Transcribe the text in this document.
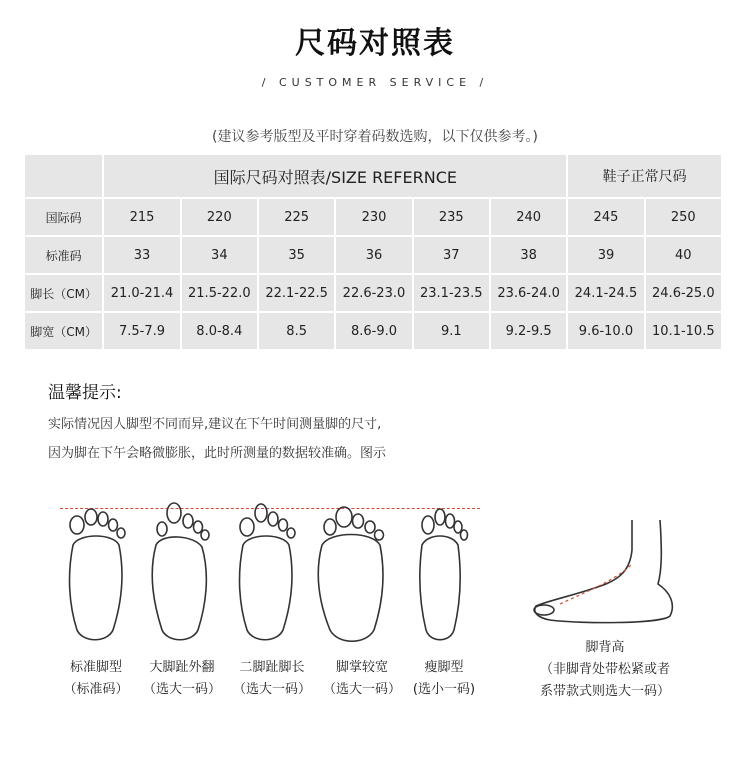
尺码对照表
/ CUSTOMER SERVICE /
(建议参考版型及平时穿着码数选购，以下仅供参考。)
	国际尺码对照表/SIZE REFERNCE						鞋子正常尺码	
国际码	215	220	225	230	235	240	245	250
标准码	33	34	35	36	37	38	39	40
脚长（CM）	21.0-21.4	21.5-22.0	22.1-22.5	22.6-23.0	23.1-23.5	23.6-24.0	24.1-24.5	24.6-25.0
脚宽（CM）	7.5-7.9	8.0-8.4	8.5	8.6-9.0	9.1	9.2-9.5	9.6-10.0	10.1-10.5
温馨提示:
实际情况因人脚型不同而异,建议在下午时间测量脚的尺寸,
因为脚在下午会略微膨胀，此时所测量的数据较准确。图示
标准脚型
（标准码）
大脚趾外翻
（选大一码）
二脚趾脚长
（选大一码）
脚掌较宽
（选大一码）
瘦脚型
(选小一码)
脚背高
（非脚背处带松紧或者
系带款式则选大一码）
